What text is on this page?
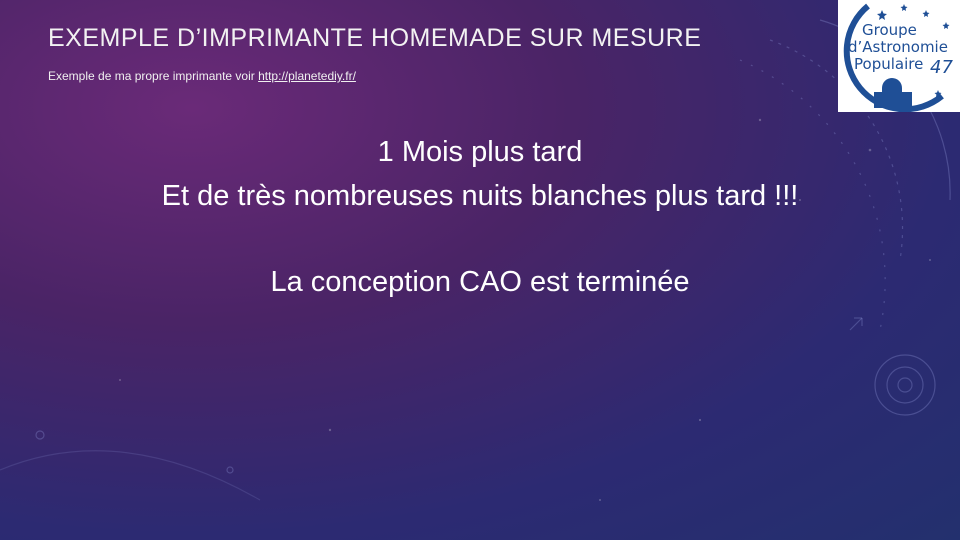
EXEMPLE D’IMPRIMANTE HOMEMADE SUR MESURE

Exemple de ma propre imprimante voir http://planetediy.fr/

1 Mois plus tard

Et de très nombreuses nuits blanches plus tard !!!

La conception CAO est terminée

Groupe
d’Astronomie
Populaire 47
